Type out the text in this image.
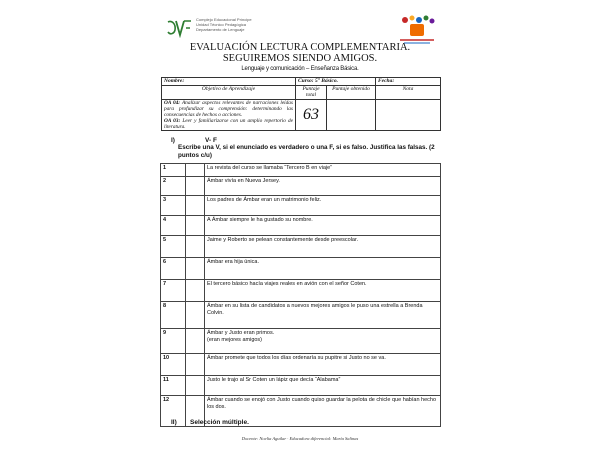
Complejo Educacional Príncipe
Unidad Técnico Pedagógica
Departamento de Lenguaje
EVALUACIÓN LECTURA COMPLEMENTARIA.
SEGUIREMOS SIENDO AMIGOS.
Lenguaje y comunicación – Enseñanza Básica.
Nombre:	Curso: 5° Básico.		Fecha:
Objetivo de Aprendizaje	Puntaje total	Puntaje obtenido	Nota
OA 04: Analizar aspectos relevantes de narraciones leídas para profundizar su comprensión: determinando las consecuencias de hechos o acciones.
OA 03: Leer y familiarizarse con un amplio repertorio de literatura.	63		
I)	V- F
Escribe una V, si el enunciado es verdadero o una F, si es falso. Justifica las falsas. (2 puntos c/u)
1		La revista del curso se llamaba “Tercero B en viaje”
2		Ámbar vivía en Nueva Jersey.
3		Los padres de Ámbar eran un matrimonio feliz.
4		A Ámbar siempre le ha gustado su nombre.
5		Jaime y Roberto se pelean constantemente desde preescolar.
6		Ámbar era hija única.
7		El tercero básico hacía viajes reales en avión con el señor Coten.
8		Ámbar en su lista de candidatos a nuevos mejores amigos le puso una estrella a Brenda Colvin.
9		Ámbar y Justo eran primos.
(eran mejores amigos)

10		Ámbar promete que todos los días ordenaría su pupitre si Justo no se va.
11		Justo le trajo al Sr Coten un lápiz que decía “Alabama”
12		Ámbar cuando se enojó con Justo cuando quiso guardar la pelota de chicle que habían hecho los dos.
II) Selección múltiple.
Docente: Noelia Aguilar · Educadora diferencial: María Salinas
